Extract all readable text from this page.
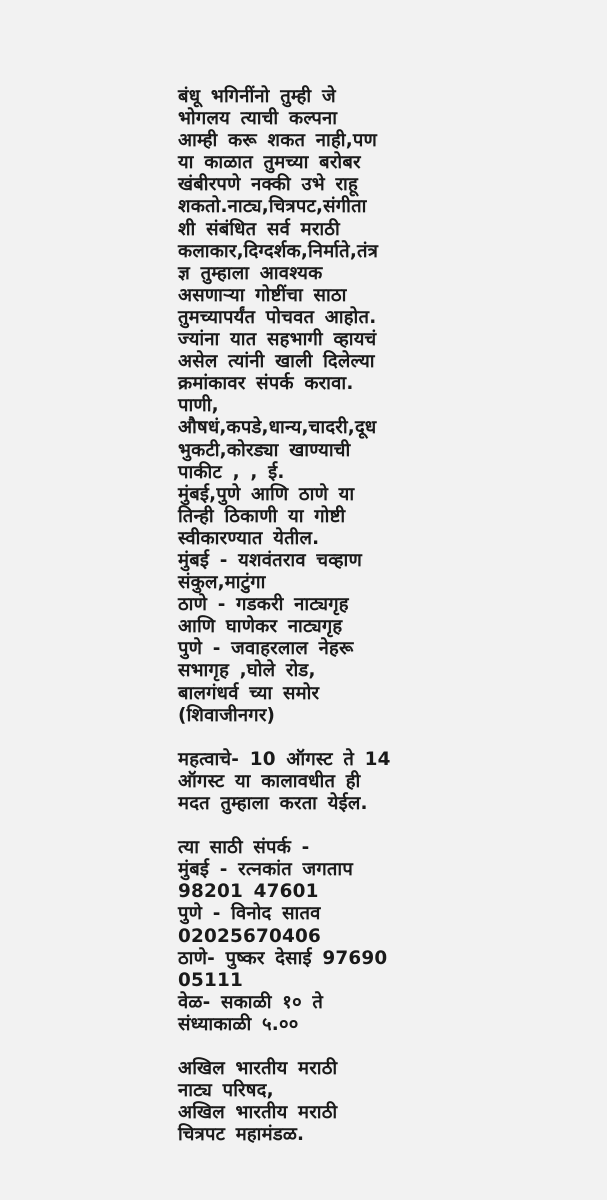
बंधू भगिनींनो तुम्ही जे
भोगलय त्याची कल्पना
आम्ही करू शकत नाही,पण
या काळात तुमच्या बरोबर
खंबीरपणे नक्की उभे राहू
शकतो.नाट्य,चित्रपट,संगीता
शी संबंधित सर्व मराठी
कलाकार,दिग्दर्शक,निर्माते,तंत्र
ज्ञ तुम्हाला आवश्यक
असणाऱ्या गोष्टींचा साठा
तुमच्यापर्यंत पोचवत आहोत.
ज्यांना यात सहभागी व्हायचं
असेल त्यांनी खाली दिलेल्या
क्रमांकावर संपर्क करावा.
पाणी,
औषधं,कपडे,धान्य,चादरी,दूध
भुकटी,कोरड्या खाण्याची
पाकीट , , ई.
मुंबई,पुणे आणि ठाणे या
तिन्ही ठिकाणी या गोष्टी
स्वीकारण्यात येतील.
मुंबई - यशवंतराव चव्हाण
संकुल,माटुंगा
ठाणे - गडकरी नाट्यगृह
आणि घाणेकर नाट्यगृह
पुणे - जवाहरलाल नेहरू
सभागृह ,घोले रोड,
बालगंधर्व च्या समोर
(शिवाजीनगर)
महत्वाचे- 10 ऑगस्ट ते 14
ऑगस्ट या कालावधीत ही
मदत तुम्हाला करता येईल.
त्या साठी संपर्क -
मुंबई - रत्नकांत जगताप
98201 47601
पुणे - विनोद सातव
02025670406
ठाणे- पुष्कर देसाई 97690
05111
वेळ- सकाळी १० ते
संध्याकाळी ५.००
अखिल भारतीय मराठी
नाट्य परिषद,
अखिल भारतीय मराठी
चित्रपट महामंडळ.
